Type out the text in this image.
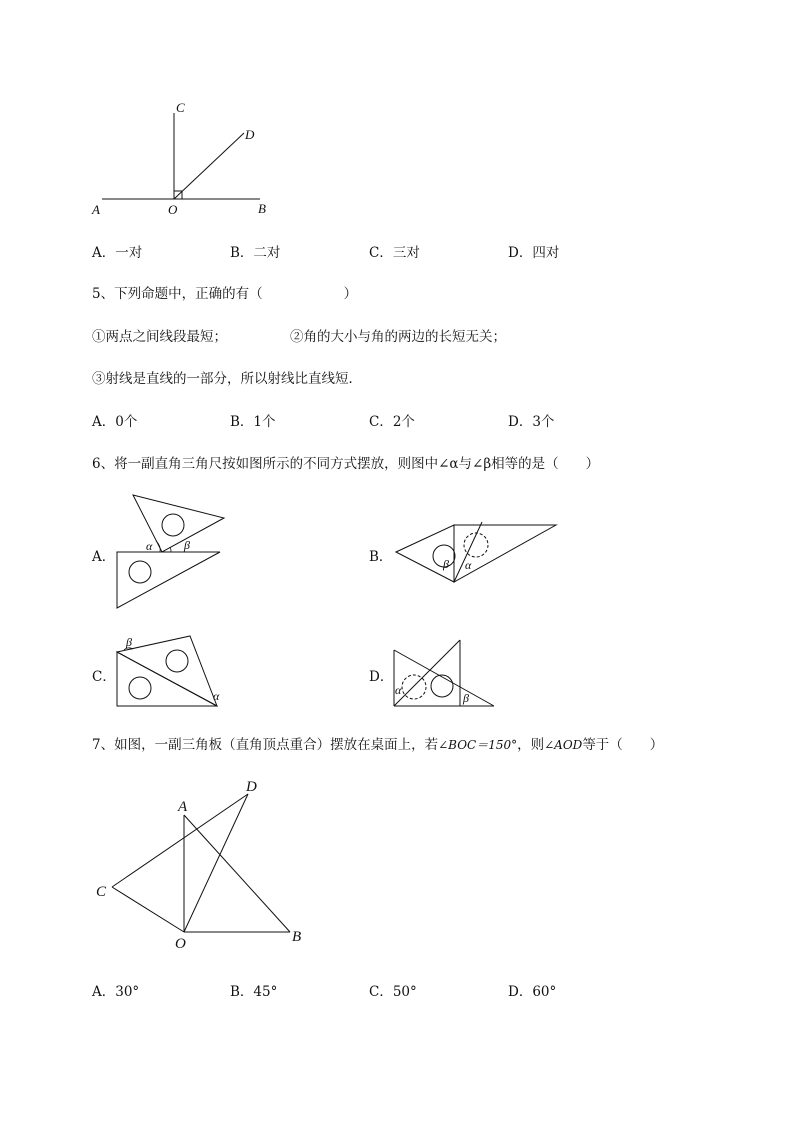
A	O	B
C
D
A．一对	B．二对	C．三对	D．四对
5、下列命题中，正确的有（　　　　　　）
①两点之间线段最短；	②角的大小与角的两边的长短无关；
③射线是直线的一部分，所以射线比直线短．
A．0个	B．1个	C．2个	D．3个
6、将一副直角三角尺按如图所示的不同方式摆放，则图中∠α与∠β相等的是（　　）
A．	B．
C．	D．
α	β
β α
β
α	α
β
7、如图，一副三角板（直角顶点重合）摆放在桌面上，若∠BOC＝150°，则∠AOD等于（　　）
A
D
C
O	B
A．30°	B．45°	C．50°	D．60°
